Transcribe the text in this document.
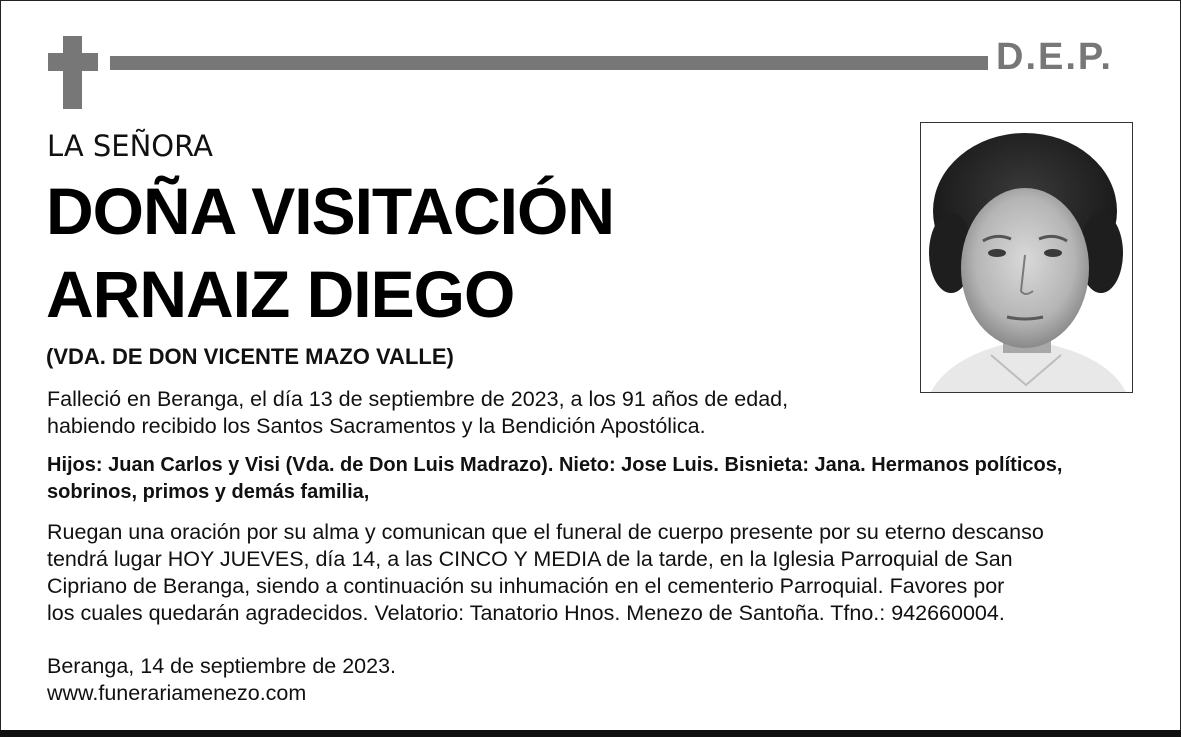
D.E.P.
LA SEÑORA
DOÑA VISITACIÓN
ARNAIZ DIEGO
(VDA. DE DON VICENTE MAZO VALLE)

Falleció en Beranga, el día 13 de septiembre de 2023, a los 91 años de edad,
habiendo recibido los Santos Sacramentos y la Bendición Apostólica.

Hijos: Juan Carlos y Visi (Vda. de Don Luis Madrazo). Nieto: Jose Luis. Bisnieta: Jana. Hermanos políticos,
sobrinos, primos y demás familia,

Ruegan una oración por su alma y comunican que el funeral de cuerpo presente por su eterno descanso
tendrá lugar HOY JUEVES, día 14, a las CINCO Y MEDIA de la tarde, en la Iglesia Parroquial de San
Cipriano de Beranga, siendo a continuación su inhumación en el cementerio Parroquial. Favores por
los cuales quedarán agradecidos. Velatorio: Tanatorio Hnos. Menezo de Santoña. Tfno.: 942660004.

Beranga, 14 de septiembre de 2023.
www.funerariamenezo.com
